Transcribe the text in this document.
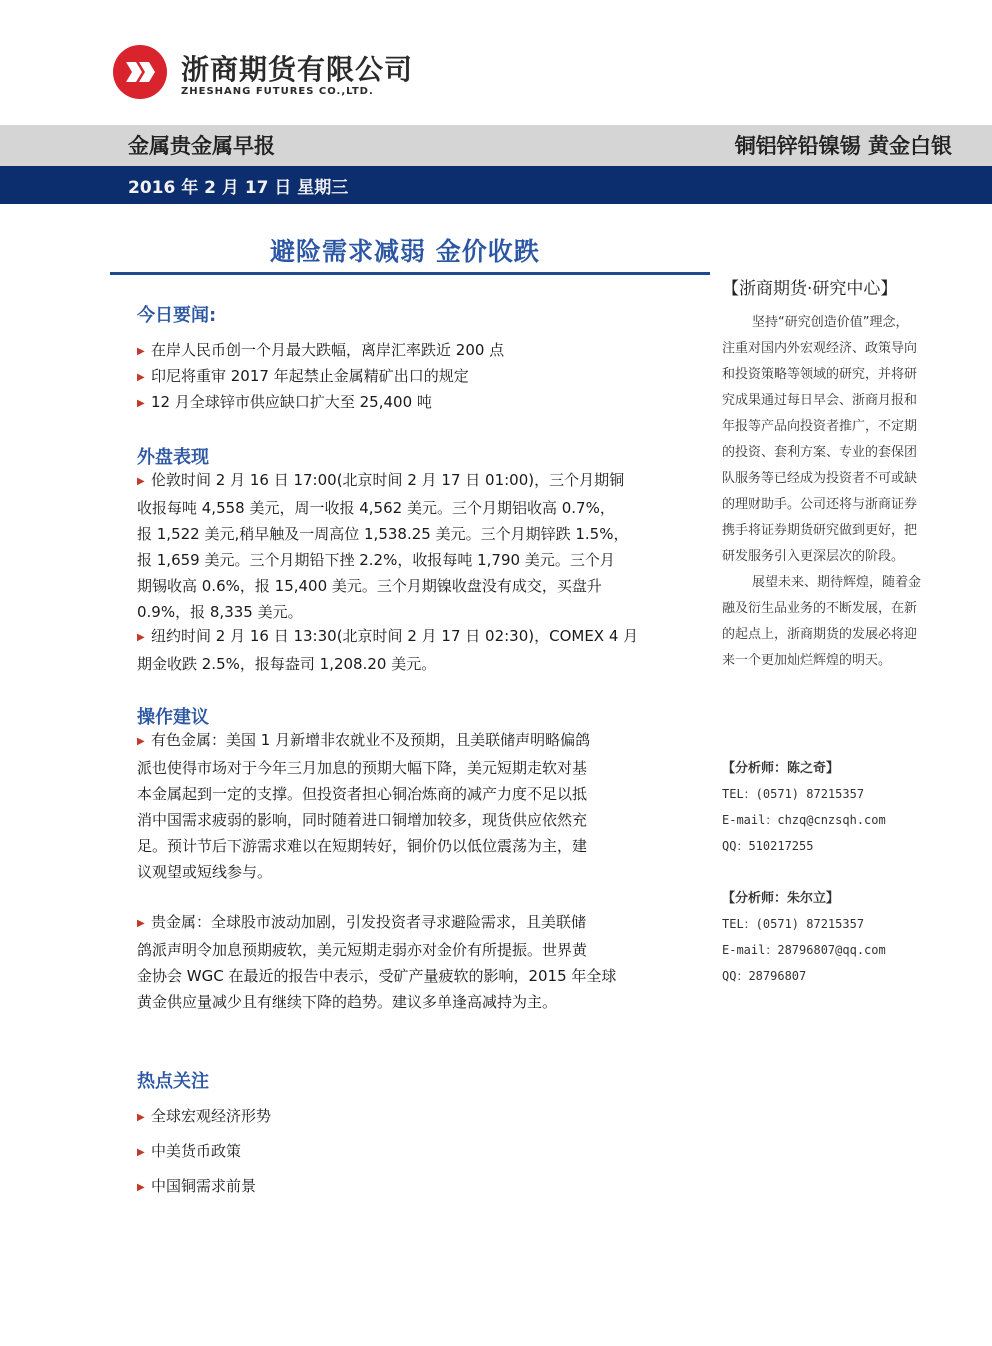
浙商期货有限公司
ZHESHANG FUTURES CO.,LTD.
金属贵金属早报	铜铝锌铅镍锡 黄金白银
2016 年 2 月 17 日 星期三
避险需求减弱 金价收跌
今日要闻:
▶ 在岸人民币创一个月最大跌幅，离岸汇率跌近 200 点
▶ 印尼将重审 2017 年起禁止金属精矿出口的规定
▶ 12 月全球锌市供应缺口扩大至 25,400 吨
外盘表现
▶ 伦敦时间 2 月 16 日 17:00(北京时间 2 月 17 日 01:00)，三个月期铜
收报每吨 4,558 美元，周一收报 4,562 美元。三个月期铝收高 0.7%，
报 1,522 美元,稍早触及一周高位 1,538.25 美元。三个月期锌跌 1.5%，
报 1,659 美元。三个月期铅下挫 2.2%，收报每吨 1,790 美元。三个月
期锡收高 0.6%，报 15,400 美元。三个月期镍收盘没有成交，买盘升
0.9%，报 8,335 美元。
▶ 纽约时间 2 月 16 日 13:30(北京时间 2 月 17 日 02:30)，COMEX 4 月
期金收跌 2.5%，报每盎司 1,208.20 美元。
操作建议
▶ 有色金属：美国 1 月新增非农就业不及预期，且美联储声明略偏鸽
派也使得市场对于今年三月加息的预期大幅下降，美元短期走软对基
本金属起到一定的支撑。但投资者担心铜冶炼商的减产力度不足以抵
消中国需求疲弱的影响，同时随着进口铜增加较多，现货供应依然充
足。预计节后下游需求难以在短期转好，铜价仍以低位震荡为主，建
议观望或短线参与。
▶ 贵金属：全球股市波动加剧，引发投资者寻求避险需求，且美联储
鸽派声明令加息预期疲软，美元短期走弱亦对金价有所提振。世界黄
金协会 WGC 在最近的报告中表示，受矿产量疲软的影响，2015 年全球
黄金供应量减少且有继续下降的趋势。建议多单逢高减持为主。
热点关注
▶ 全球宏观经济形势
▶ 中美货币政策
▶ 中国铜需求前景
【浙商期货·研究中心】
坚持“研究创造价值”理念，
注重对国内外宏观经济、政策导向
和投资策略等领域的研究，并将研
究成果通过每日早会、浙商月报和
年报等产品向投资者推广，不定期
的投资、套利方案、专业的套保团
队服务等已经成为投资者不可或缺
的理财助手。公司还将与浙商证券
携手将证券期货研究做到更好，把
研发服务引入更深层次的阶段。
展望未来、期待辉煌，随着金
融及衍生品业务的不断发展，在新
的起点上，浙商期货的发展必将迎
来一个更加灿烂辉煌的明天。
【分析师：陈之奇】
TEL：(0571) 87215357
E-mail：chzq@cnzsqh.com
QQ：510217255
【分析师：朱尔立】
TEL：(0571) 87215357
E-mail：28796807@qq.com
QQ：28796807
